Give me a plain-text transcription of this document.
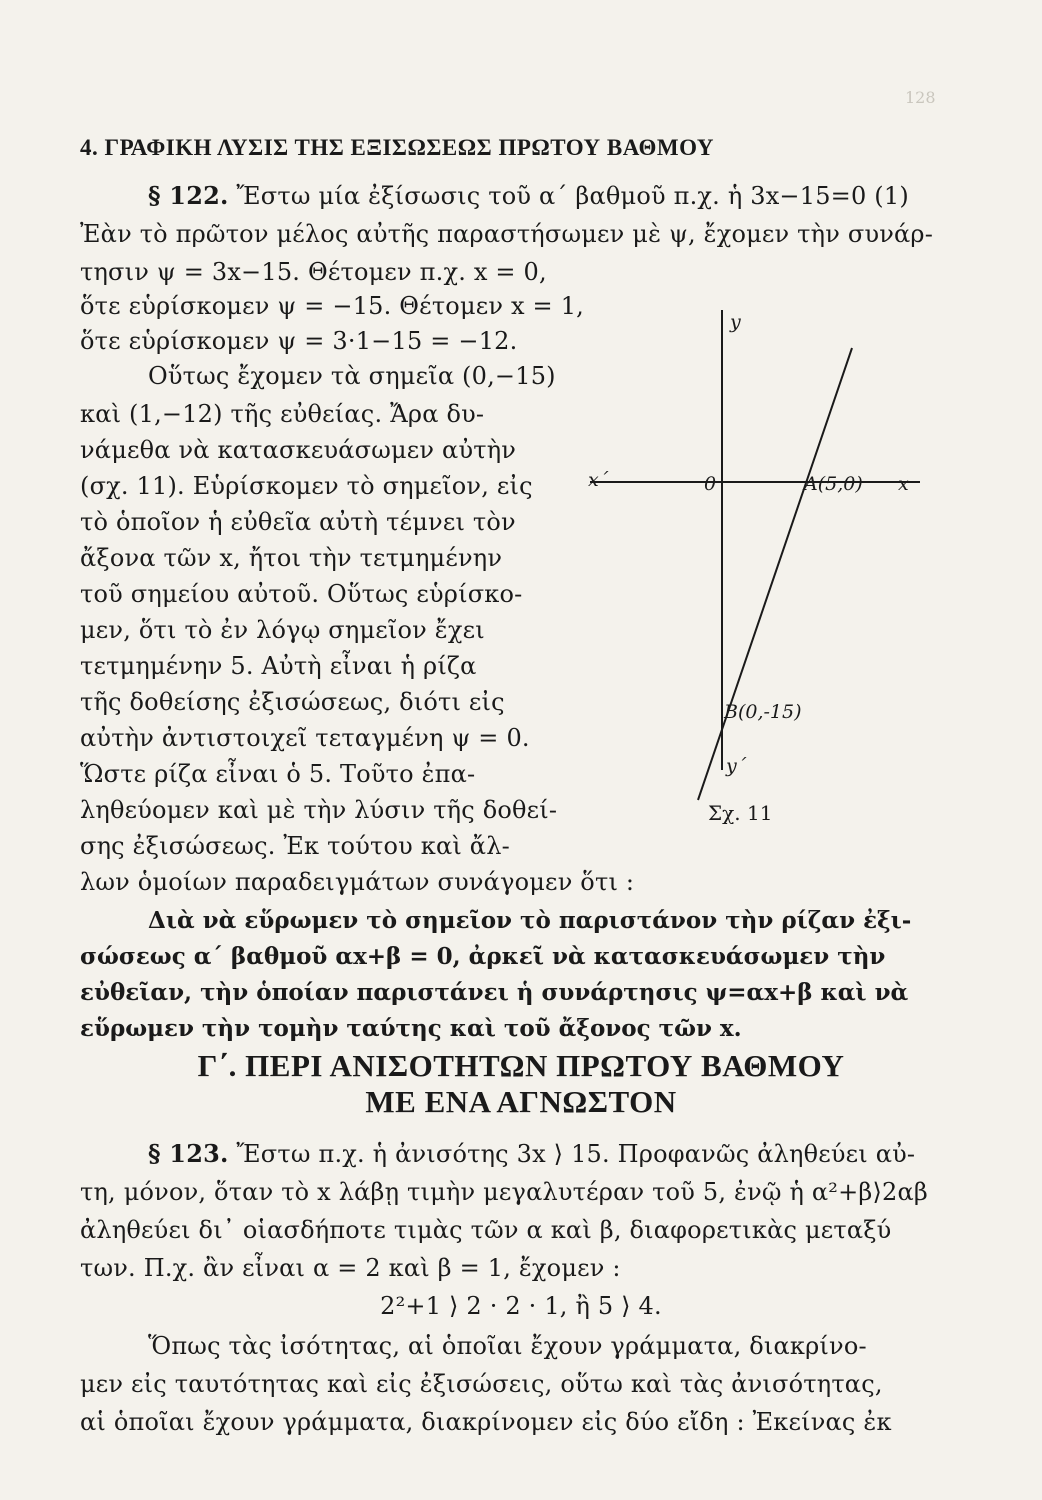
128
4. ΓΡΑΦΙΚΗ ΛΥΣΙΣ ΤΗΣ ΕΞΙΣΩΣΕΩΣ ΠΡΩΤΟΥ ΒΑΘΜΟΥ
§ 122. Ἔστω μία ἐξίσωσις τοῦ α΄ βαθμοῦ π.χ. ἡ 3x−15=0 (1)
Ἐὰν τὸ πρῶτον μέλος αὐτῆς παραστήσωμεν μὲ ψ, ἔχομεν τὴν συνάρ-
τησιν ψ = 3x−15. Θέτομεν π.χ. x = 0,
ὅτε εὑρίσκομεν ψ = −15. Θέτομεν x = 1,
ὅτε εὑρίσκομεν ψ = 3·1−15 = −12.
Οὕτως ἔχομεν τὰ σημεῖα (0,−15)
καὶ (1,−12) τῆς εὐθείας. Ἄρα δυ-
νάμεθα νὰ κατασκευάσωμεν αὐτὴν
(σχ. 11). Εὑρίσκομεν τὸ σημεῖον, εἰς
τὸ ὁποῖον ἡ εὐθεῖα αὐτὴ τέμνει τὸν
ἄξονα τῶν x, ἤτοι τὴν τετμημένην
τοῦ σημείου αὐτοῦ. Οὕτως εὑρίσκο-
μεν, ὅτι τὸ ἐν λόγῳ σημεῖον ἔχει
τετμημένην 5. Αὐτὴ εἶναι ἡ ρίζα
τῆς δοθείσης ἐξισώσεως, διότι εἰς
αὐτὴν ἀντιστοιχεῖ τεταγμένη ψ = 0.
Ὥστε ρίζα εἶναι ὁ 5. Τοῦτο ἐπα-
ληθεύομεν καὶ μὲ τὴν λύσιν τῆς δοθεί-
σης ἐξισώσεως. Ἐκ τούτου καὶ ἄλ-
λων ὁμοίων παραδειγμάτων συνάγομεν ὅτι :
Διὰ νὰ εὕρωμεν τὸ σημεῖον τὸ παριστάνον τὴν ρίζαν ἐξι-
σώσεως α΄ βαθμοῦ αx+β = 0, ἀρκεῖ νὰ κατασκευάσωμεν τὴν
εὐθεῖαν, τὴν ὁποίαν παριστάνει ἡ συνάρτησις ψ=αx+β καὶ νὰ
εὕρωμεν τὴν τομὴν ταύτης καὶ τοῦ ἄξονος τῶν x.
Γ΄. ΠΕΡΙ ΑΝΙΣΟΤΗΤΩΝ ΠΡΩΤΟΥ ΒΑΘΜΟΥ
ΜΕ ΕΝΑ ΑΓΝΩΣΤΟΝ
§ 123. Ἔστω π.χ. ἡ ἀνισότης 3x ⟩ 15. Προφανῶς ἀληθεύει αὐ-
τη, μόνον, ὅταν τὸ x λάβῃ τιμὴν μεγαλυτέραν τοῦ 5, ἐνῷ ἡ α²+β⟩2αβ
ἀληθεύει δι᾿ οἱασδήποτε τιμὰς τῶν α καὶ β, διαφορετικὰς μεταξύ
των. Π.χ. ἂν εἶναι α = 2 καὶ β = 1, ἔχομεν :
2²+1 ⟩ 2 · 2 · 1, ἢ 5 ⟩ 4.
Ὅπως τὰς ἰσότητας, αἱ ὁποῖαι ἔχουν γράμματα, διακρίνο-
μεν εἰς ταυτότητας καὶ εἰς ἐξισώσεις, οὕτω καὶ τὰς ἀνισότητας,
αἱ ὁποῖαι ἔχουν γράμματα, διακρίνομεν εἰς δύο εἴδη : Ἐκείνας ἐκ
y
x΄	0	A(5,0) x
B(0,-15)
y΄
Σχ. 11
